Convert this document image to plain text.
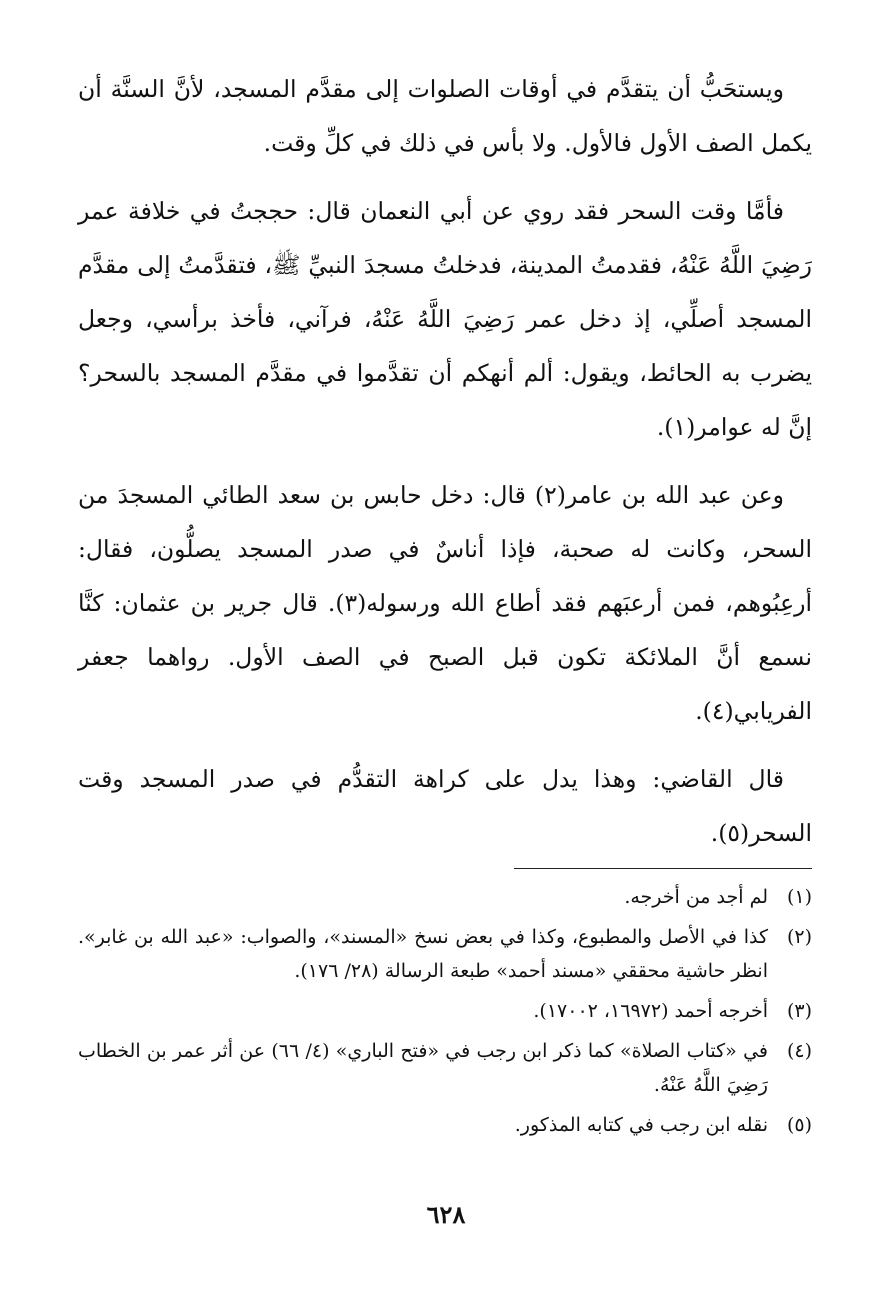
ويستحَبُّ أن يتقدَّم في أوقات الصلوات إلى مقدَّم المسجد، لأنَّ السنَّة أن يكمل الصف الأول فالأول. ولا بأس في ذلك في كلِّ وقت.

فأمَّا وقت السحر فقد روي عن أبي النعمان قال: حججتُ في خلافة عمر رَضِيَ اللَّهُ عَنْهُ، فقدمتُ المدينة، فدخلتُ مسجدَ النبيِّ ﷺ، فتقدَّمتُ إلى مقدَّم المسجد أصلِّي، إذ دخل عمر رَضِيَ اللَّهُ عَنْهُ، فرآني، فأخذ برأسي، وجعل يضرب به الحائط، ويقول: ألم أنهكم أن تقدَّموا في مقدَّم المسجد بالسحر؟ إنَّ له عوامر(١).

وعن عبد الله بن عامر(٢) قال: دخل حابس بن سعد الطائي المسجدَ من السحر، وكانت له صحبة، فإذا أناسٌ في صدر المسجد يصلُّون، فقال: أرعِبُوهم، فمن أرعبَهم فقد أطاع الله ورسوله(٣). قال جرير بن عثمان: كنَّا نسمع أنَّ الملائكة تكون قبل الصبح في الصف الأول. رواهما جعفر الفريابي(٤).

قال القاضي: وهذا يدل على كراهة التقدُّم في صدر المسجد وقت السحر(٥).

(١)
لم أجد من أخرجه.
(٢)
كذا في الأصل والمطبوع، وكذا في بعض نسخ «المسند»، والصواب: «عبد الله بن غابر». انظر حاشية محققي «مسند أحمد» طبعة الرسالة (٢٨/ ١٧٦).
(٣)
أخرجه أحمد (١٦٩٧٢، ١٧٠٠٢).
(٤)
في «كتاب الصلاة» كما ذكر ابن رجب في «فتح الباري» (٤/ ٦٦) عن أثر عمر بن الخطاب رَضِيَ اللَّهُ عَنْهُ.
(٥)
نقله ابن رجب في كتابه المذكور.
٦٢٨
